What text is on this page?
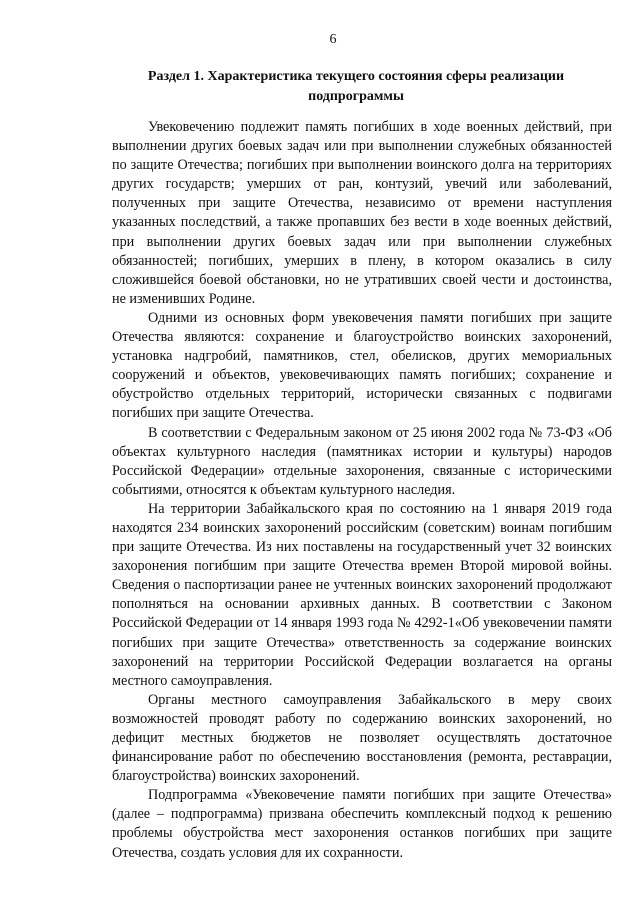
6
Раздел 1. Характеристика текущего состояния сферы реализации подпрограммы

Увековечению подлежит память погибших в ходе военных действий, при выполнении других боевых задач или при выполнении служебных обязанностей по защите Отечества; погибших при выполнении воинского долга на территориях других государств; умерших от ран, контузий, увечий или заболеваний, полученных при защите Отечества, независимо от времени наступления указанных последствий, а также пропавших без вести в ходе военных действий, при выполнении других боевых задач или при выполнении служебных обязанностей; погибших, умерших в плену, в котором оказались в силу сложившейся боевой обстановки, но не утративших своей чести и достоинства, не изменивших Родине.

Одними из основных форм увековечения памяти погибших при защите Отечества являются: сохранение и благоустройство воинских захоронений, установка надгробий, памятников, стел, обелисков, других мемориальных сооружений и объектов, увековечивающих память погибших; сохранение и обустройство отдельных территорий, исторически связанных с подвигами погибших при защите Отечества.

В соответствии с Федеральным законом от 25 июня 2002 года № 73-ФЗ «Об объектах культурного наследия (памятниках истории и культуры) народов Российской Федерации» отдельные захоронения, связанные с историческими событиями, относятся к объектам культурного наследия.

На территории Забайкальского края по состоянию на 1 января 2019 года находятся 234 воинских захоронений российским (советским) воинам погибшим при защите Отечества. Из них поставлены на государственный учет 32 воинских захоронения погибшим при защите Отечества времен Второй мировой войны. Сведения о паспортизации ранее не учтенных воинских захоронений продолжают пополняться на основании архивных данных. В соответствии с Законом Российской Федерации от 14 января 1993 года № 4292-1«Об увековечении памяти погибших при защите Отечества» ответственность за содержание воинских захоронений на территории Российской Федерации возлагается на органы местного самоуправления.

Органы местного самоуправления Забайкальского в меру своих возможностей проводят работу по содержанию воинских захоронений, но дефицит местных бюджетов не позволяет осуществлять достаточное финансирование работ по обеспечению восстановления (ремонта, реставрации, благоустройства) воинских захоронений.

Подпрограмма «Увековечение памяти погибших при защите Отечества» (далее – подпрограмма) призвана обеспечить комплексный подход к решению проблемы обустройства мест захоронения останков погибших при защите Отечества, создать условия для их сохранности.
